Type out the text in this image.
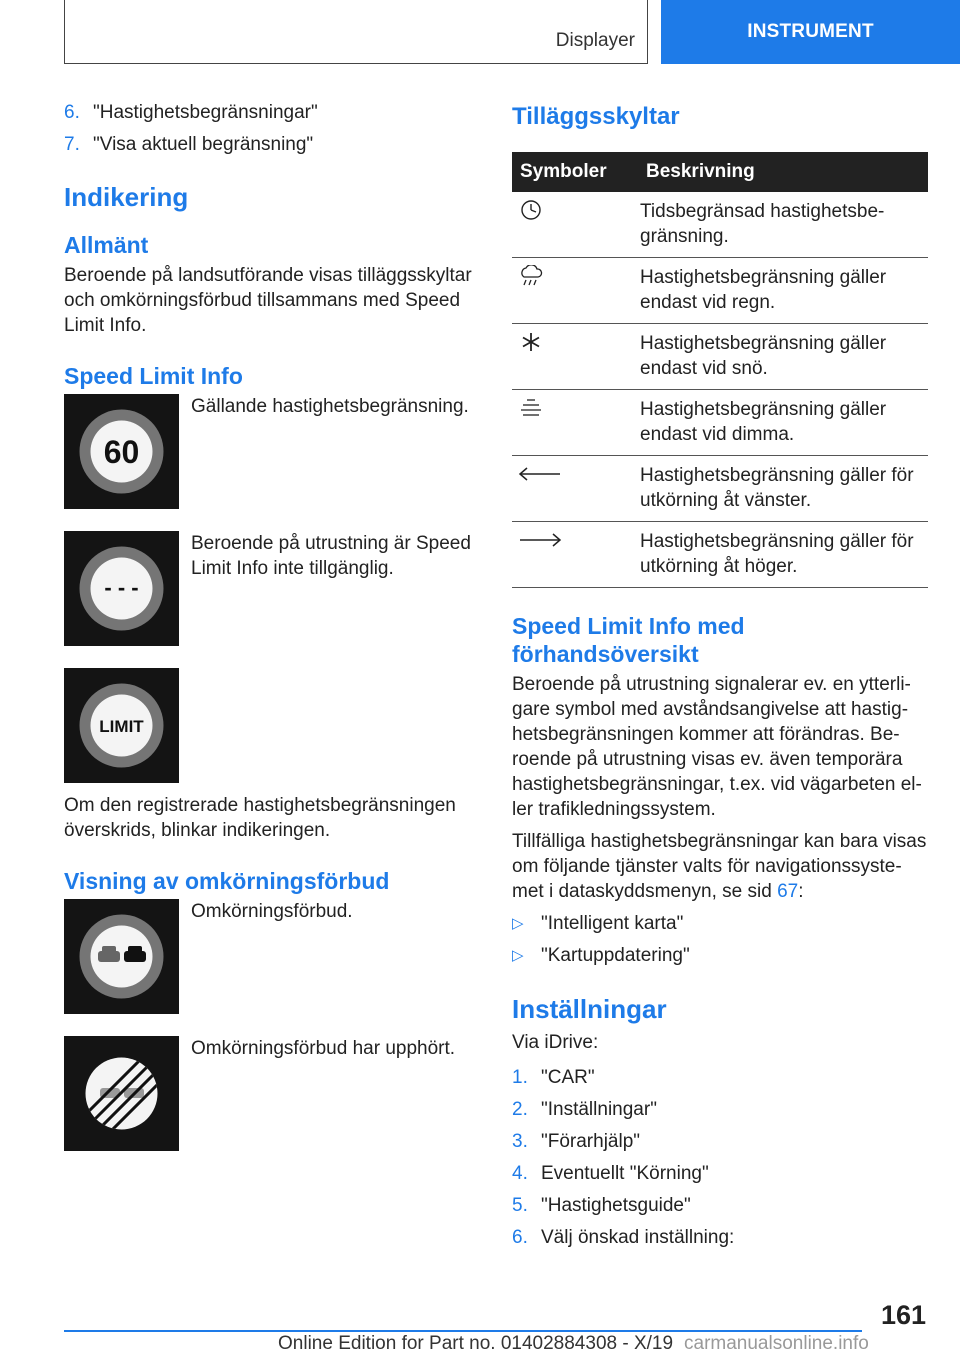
Displayer	INSTRUMENT
6. "Hastighetsbegränsningar"
7. "Visa aktuell begränsning"
Indikering
Allmänt

Beroende på landsutförande visas tilläggsskyltar och omkörningsförbud tillsammans med Speed Limit Info.

Speed Limit Info
60
Gällande hastighetsbegränsning.
- - -
Beroende på utrustning är Speed Limit Info inte tillgänglig.
LIMIT

Om den registrerade hastighetsbegränsningen överskrids, blinkar indikeringen.

Visning av omkörningsförbud
Omkörningsförbud.
Omkörningsförbud har upphört.
Tilläggsskyltar
Symboler	Beskrivning
	Tidsbegränsad hastighetsbe-gränsning.
	Hastighetsbegränsning gäller endast vid regn.
	Hastighetsbegränsning gäller endast vid snö.
	Hastighetsbegränsning gäller endast vid dimma.
	Hastighetsbegränsning gäller för utkörning åt vänster.
	Hastighetsbegränsning gäller för utkörning åt höger.
Speed Limit Info med förhandsöversikt

Beroende på utrustning signalerar ev. en ytterli-gare symbol med avståndsangivelse att hastig-hetsbegränsningen kommer att förändras. Be-roende på utrustning visas ev. även temporära hastighetsbegränsningar, t.ex. vid vägarbeten el-ler trafikledningssystem.

Tillfälliga hastighetsbegränsningar kan bara visas om följande tjänster valts för navigationssyste-met i dataskyddsmenyn, se sid 67:

▷ "Intelligent karta"
▷ "Kartuppdatering"
Inställningar

Via iDrive:

1. "CAR"
2. "Inställningar"
3. "Förarhjälp"
4. Eventuellt "Körning"
5. "Hastighetsguide"
6. Välj önskad inställning:
161
Online Edition for Part no. 01402884308 - X/19 carmanualsonline.info
